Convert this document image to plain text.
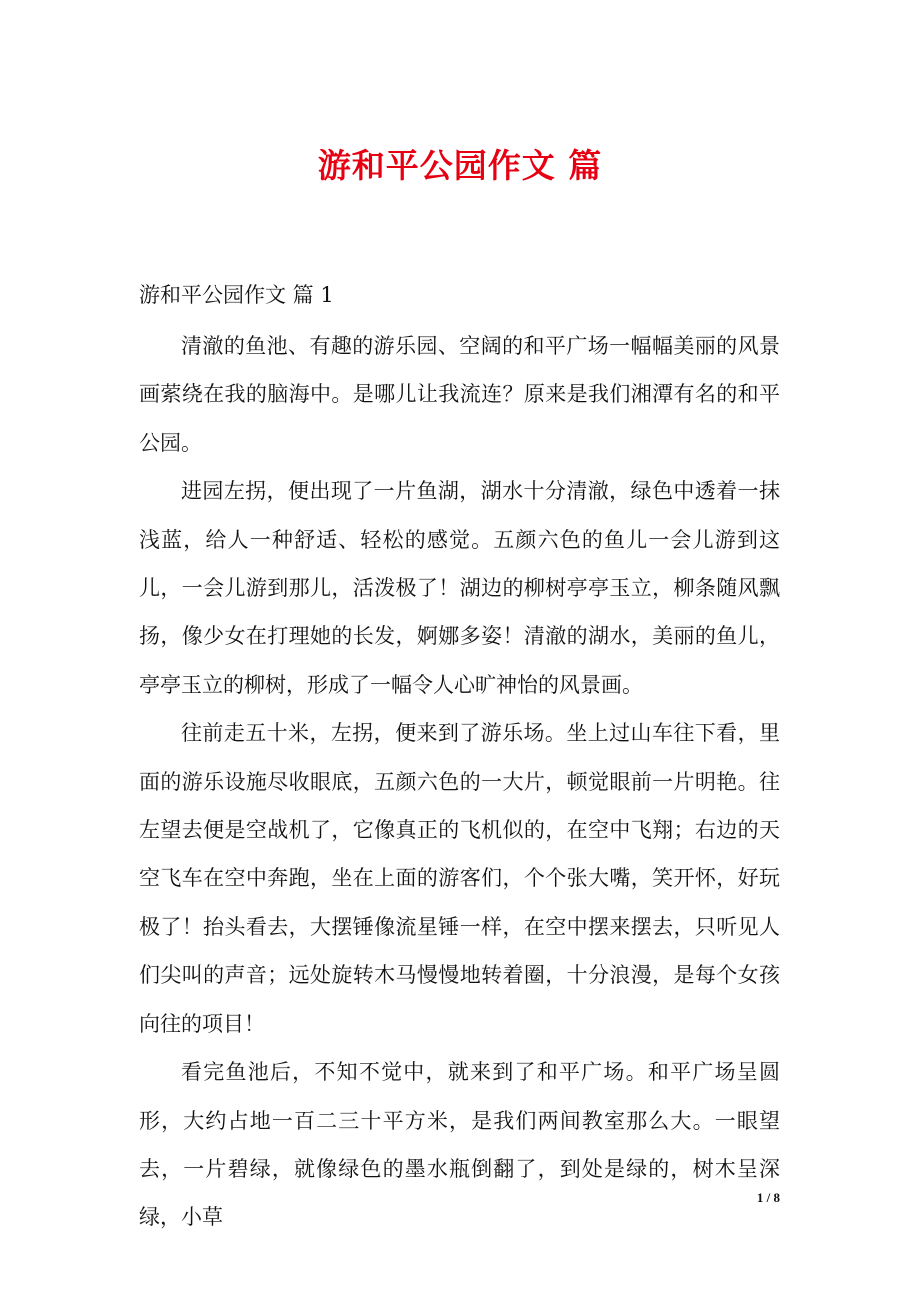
游和平公园作文 篇

游和平公园作文 篇 1

清澈的鱼池、有趣的游乐园、空阔的和平广场一幅幅美丽的风景画萦绕在我的脑海中。是哪儿让我流连？原来是我们湘潭有名的和平公园。

进园左拐，便出现了一片鱼湖，湖水十分清澈，绿色中透着一抹浅蓝，给人一种舒适、轻松的感觉。五颜六色的鱼儿一会儿游到这儿，一会儿游到那儿，活泼极了！湖边的柳树亭亭玉立，柳条随风飘扬，像少女在打理她的长发，婀娜多姿！清澈的湖水，美丽的鱼儿，亭亭玉立的柳树，形成了一幅令人心旷神怡的风景画。

往前走五十米，左拐，便来到了游乐场。坐上过山车往下看，里面的游乐设施尽收眼底，五颜六色的一大片，顿觉眼前一片明艳。往左望去便是空战机了，它像真正的飞机似的，在空中飞翔；右边的天空飞车在空中奔跑，坐在上面的游客们，个个张大嘴，笑开怀，好玩极了！抬头看去，大摆锤像流星锤一样，在空中摆来摆去，只听见人们尖叫的声音；远处旋转木马慢慢地转着圈，十分浪漫，是每个女孩向往的项目！

看完鱼池后，不知不觉中，就来到了和平广场。和平广场呈圆形，大约占地一百二三十平方米，是我们两间教室那么大。一眼望去，一片碧绿，就像绿色的墨水瓶倒翻了，到处是绿的，树木呈深绿，小草

1 / 8
